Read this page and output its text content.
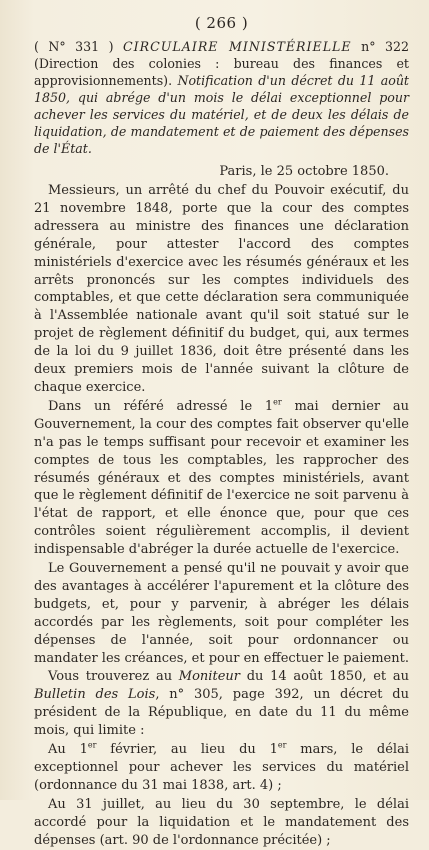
( 266 )

( N° 331 ) CIRCULAIRE MINISTÉRIELLE n° 322 (Direction des colonies : bureau des finances et approvisionnements). Notification d'un décret du 11 août 1850, qui abrége d'un mois le délai exceptionnel pour achever les services du matériel, et de deux les délais de liquidation, de mandatement et de paiement des dépenses de l'État.

Paris, le 25 octobre 1850.

Messieurs, un arrêté du chef du Pouvoir exécutif, du 21 novembre 1848, porte que la cour des comptes adressera au ministre des finances une déclaration générale, pour attester l'accord des comptes ministériels d'exercice avec les résumés généraux et les arrêts prononcés sur les comptes individuels des comptables, et que cette déclaration sera communiquée à l'Assemblée nationale avant qu'il soit statué sur le projet de règlement définitif du budget, qui, aux termes de la loi du 9 juillet 1836, doit être présenté dans les deux premiers mois de l'année suivant la clôture de chaque exercice.

Dans un référé adressé le 1er mai dernier au Gouvernement, la cour des comptes fait observer qu'elle n'a pas le temps suffisant pour recevoir et examiner les comptes de tous les comptables, les rapprocher des résumés généraux et des comptes ministériels, avant que le règlement définitif de l'exercice ne soit parvenu à l'état de rapport, et elle énonce que, pour que ces contrôles soient régulièrement accomplis, il devient indispensable d'abréger la durée actuelle de l'exercice.

Le Gouvernement a pensé qu'il ne pouvait y avoir que des avantages à accélérer l'apurement et la clôture des budgets, et, pour y parvenir, à abréger les délais accordés par les règlements, soit pour compléter les dépenses de l'année, soit pour ordonnancer ou mandater les créances, et pour en effectuer le paiement.

Vous trouverez au Moniteur du 14 août 1850, et au Bulletin des Lois, n° 305, page 392, un décret du président de la République, en date du 11 du même mois, qui limite :

Au 1er février, au lieu du 1er mars, le délai exceptionnel pour achever les services du matériel (ordonnance du 31 mai 1838, art. 4) ;

Au 31 juillet, au lieu du 30 septembre, le délai accordé pour la liquidation et le mandatement des dépenses (art. 90 de l'ordonnance précitée) ;
